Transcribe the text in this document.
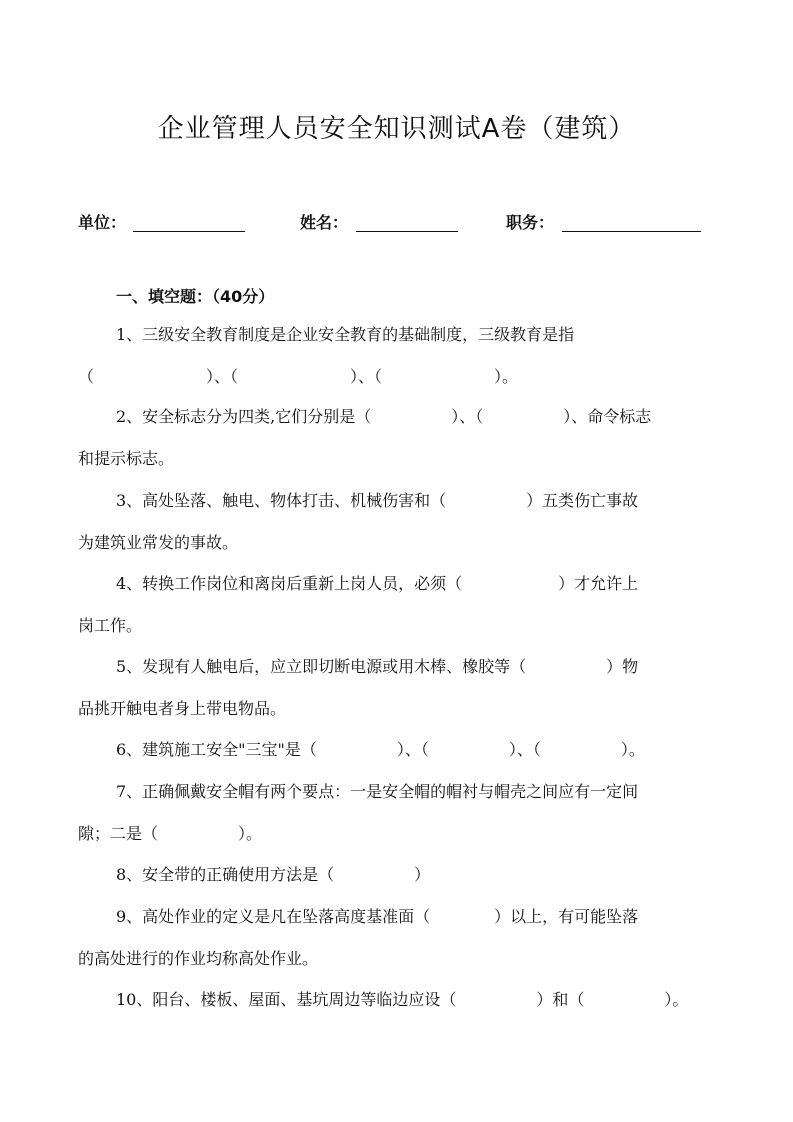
企业管理人员安全知识测试A卷（建筑）
单位：	姓名：	职务：
一、填空题：（40分）
1、三级安全教育制度是企业安全教育的基础制度，三级教育是指
（　　　　　　　）、（　　　　　　　）、（　　　　　　　）。
2、安全标志分为四类,它们分别是（　　　　　）、（　　　　　）、命令标志
和提示标志。
3、高处坠落、触电、物体打击、机械伤害和（　　　　　）五类伤亡事故
为建筑业常发的事故。
4、转换工作岗位和离岗后重新上岗人员，必须（　　　　　　）才允许上
岗工作。
5、发现有人触电后，应立即切断电源或用木棒、橡胶等（　　　　　）物
品挑开触电者身上带电物品。
6、建筑施工安全"三宝"是（　　　　　）、（　　　　　）、（　　　　　）。
7、正确佩戴安全帽有两个要点：一是安全帽的帽衬与帽壳之间应有一定间
隙；二是（　　　　　）。
8、安全带的正确使用方法是（　　　　　）
9、高处作业的定义是凡在坠落高度基准面（　　　　）以上，有可能坠落
的高处进行的作业均称高处作业。
10、阳台、楼板、屋面、基坑周边等临边应设（　　　　　）和（　　　　　）。
